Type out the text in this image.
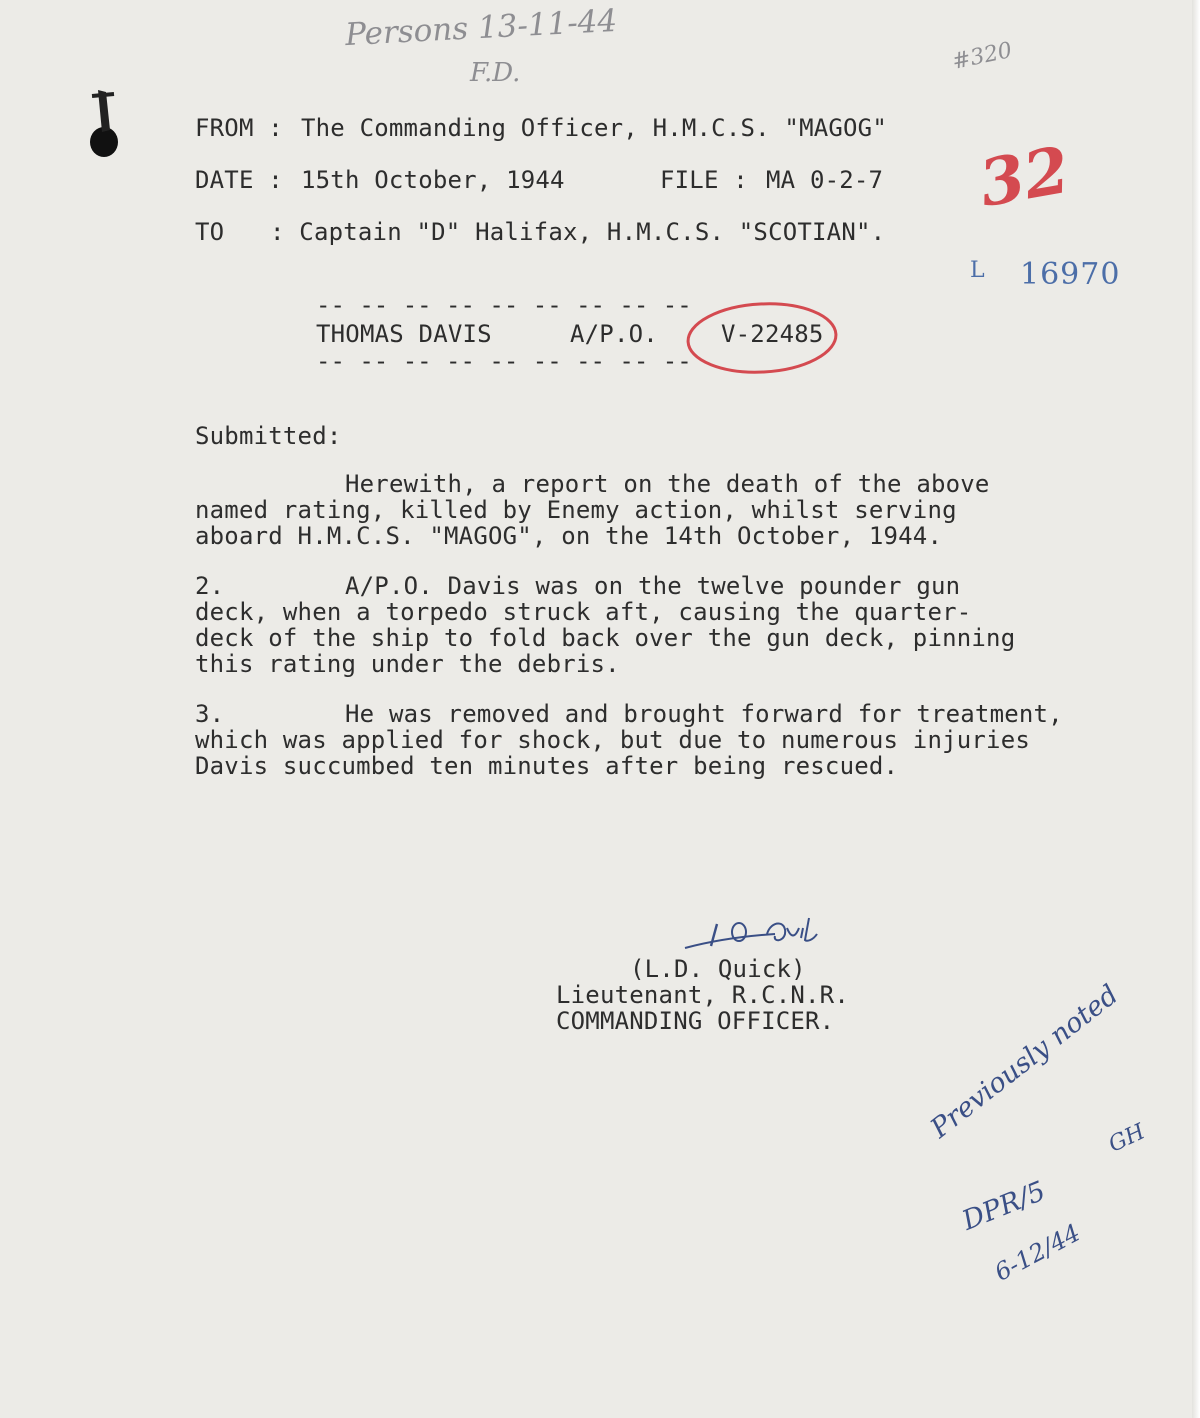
Persons 13-11-44
F.D.	#320
32
L 16970
FROM : The Commanding Officer, H.M.C.S. "MAGOG"
DATE : 15th October, 1944	FILE : MA 0-2-7
TO : Captain "D" Halifax, H.M.C.S. "SCOTIAN".
-- -- -- -- -- -- -- -- --
THOMAS DAVIS	A/P.O.	V-22485
-- -- -- -- -- -- -- -- --
Submitted:
Herewith, a report on the death of the above
named rating, killed by Enemy action, whilst serving
aboard H.M.C.S. "MAGOG", on the 14th October, 1944.
2.	A/P.O. Davis was on the twelve pounder gun
deck, when a torpedo struck aft, causing the quarter-
deck of the ship to fold back over the gun deck, pinning
this rating under the debris.
3.	He was removed and brought forward for treatment,
which was applied for shock, but due to numerous injuries
Davis succumbed ten minutes after being rescued.
(L.D. Quick)
Lieutenant, R.C.N.R.
COMMANDING OFFICER.	Previously noted
DPR/5
GH
6-12/44
